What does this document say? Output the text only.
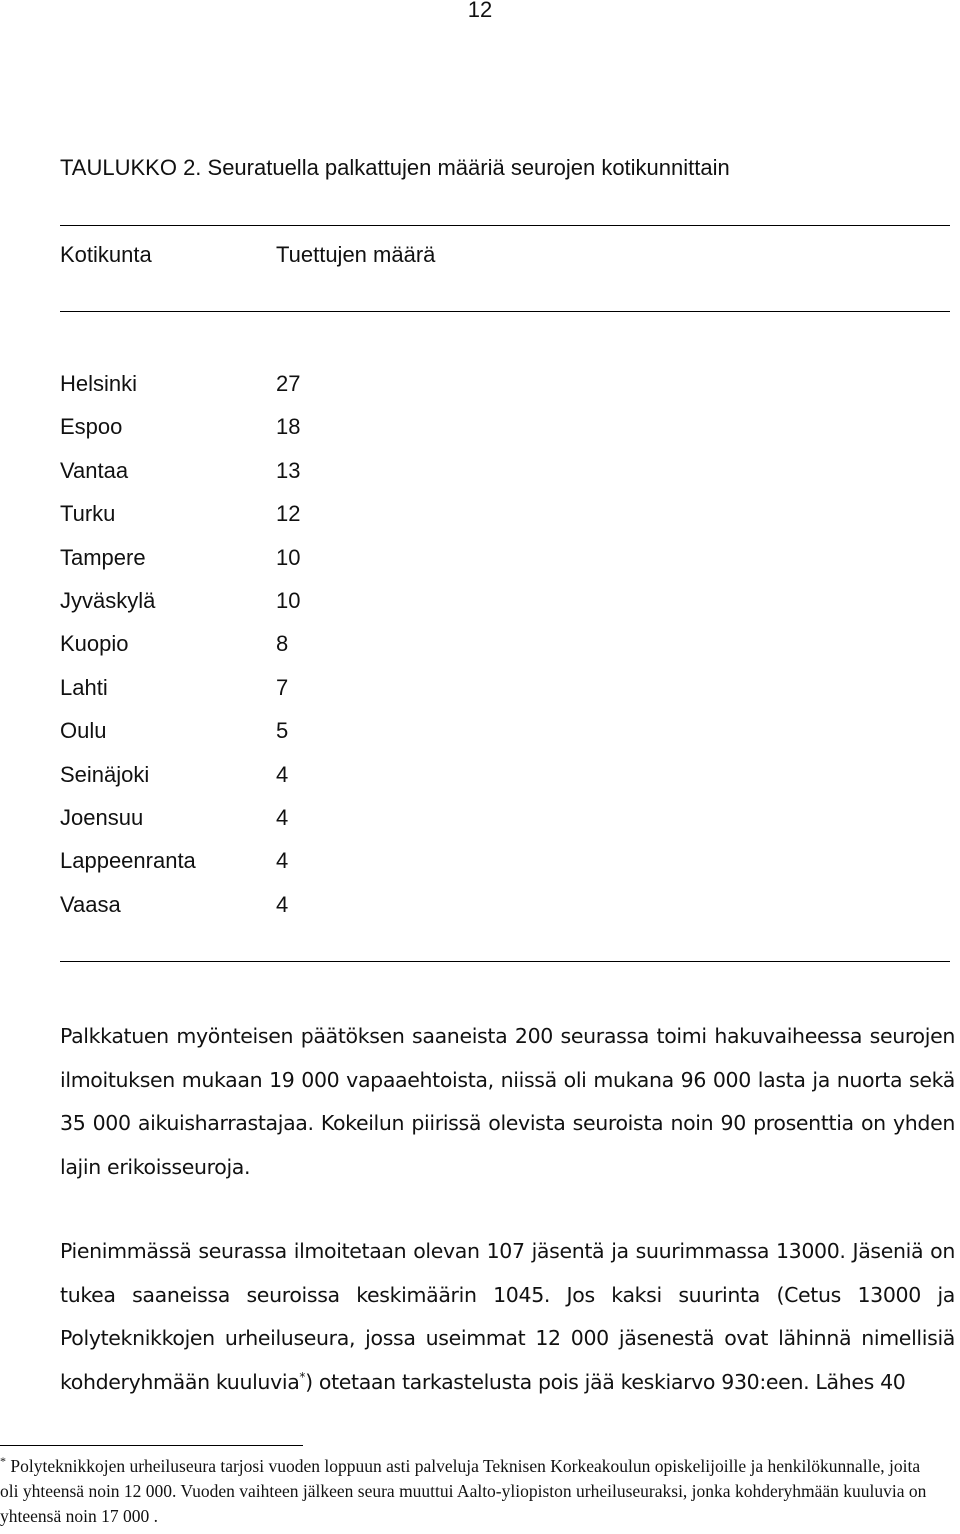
12
TAULUKKO 2. Seuratuella palkattujen määriä seurojen kotikunnittain
Kotikunta	Tuettujen määrä
Helsinki	27
Espoo	18
Vantaa	13
Turku	12
Tampere	10
Jyväskylä	10
Kuopio	8
Lahti	7
Oulu	5
Seinäjoki	4
Joensuu	4
Lappeenranta	4
Vaasa	4

Palkkatuen myönteisen päätöksen saaneista 200 seurassa toimi hakuvaiheessa seurojen ilmoituksen mukaan 19 000 vapaaehtoista, niissä oli mukana 96 000 lasta ja nuorta sekä 35 000 aikuisharrastajaa. Kokeilun piirissä olevista seuroista noin 90 prosenttia on yhden lajin erikoisseuroja.

Pienimmässä seurassa ilmoitetaan olevan 107 jäsentä ja suurimmassa 13000. Jäseniä on tukea saaneissa seuroissa keskimäärin 1045. Jos kaksi suurinta (Cetus 13000 ja Polyteknikkojen urheiluseura, jossa useimmat 12 000 jäsenestä ovat lähinnä nimellisiä kohderyhmään kuuluvia*) otetaan tarkastelusta pois jää keskiarvo 930:een. Lähes 40

* Polyteknikkojen urheiluseura tarjosi vuoden loppuun asti palveluja Teknisen Korkeakoulun opiskelijoille ja henkilökunnalle, joita oli yhteensä noin 12 000. Vuoden vaihteen jälkeen seura muuttui Aalto-yliopiston urheiluseuraksi, jonka kohderyhmään kuuluvia on yhteensä noin 17 000 .
